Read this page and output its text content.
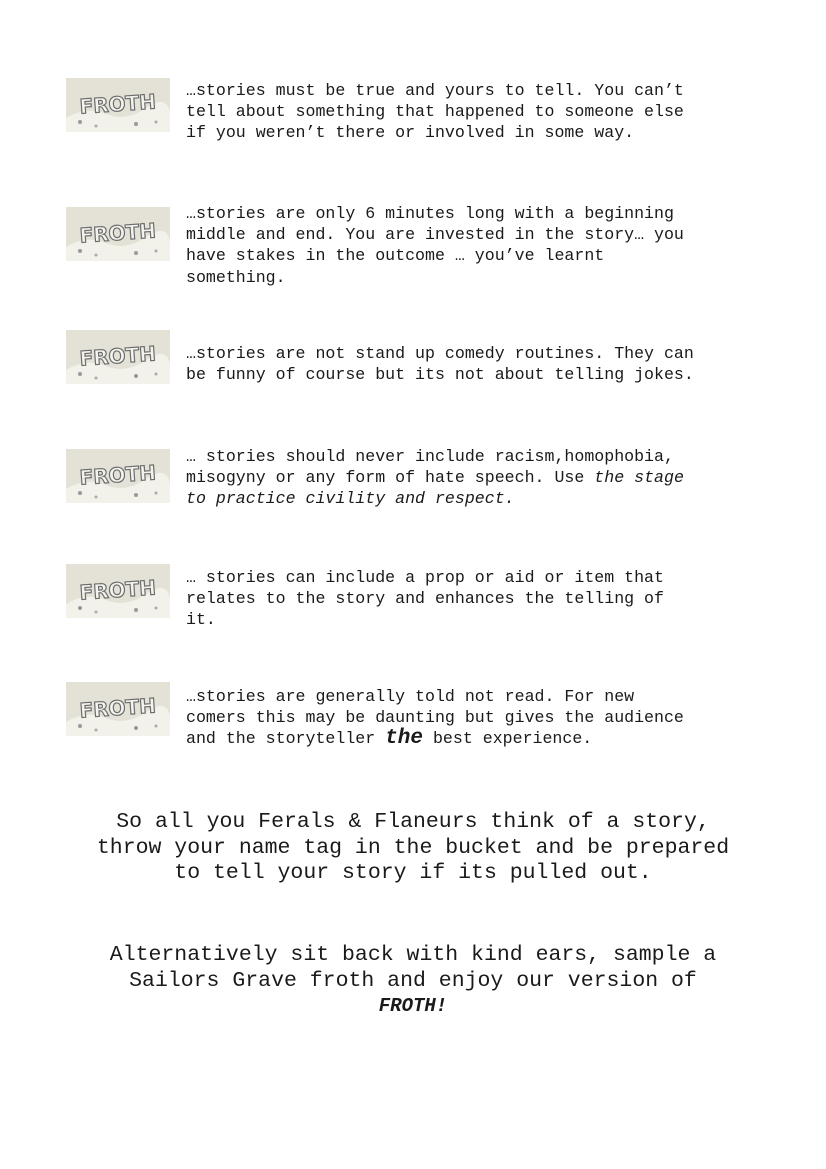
FROTH …stories must be true and yours to tell. You can’t
tell about something that happened to someone else
if you weren’t there or involved in some way.
FROTH
…stories are only 6 minutes long with a beginning
middle and end. You are invested in the story… you
have stakes in the outcome … you’ve learnt
something.
FROTH …stories are not stand up comedy routines. They can
be funny of course but its not about telling jokes.
FROTH
… stories should never include racism,homophobia,
misogyny or any form of hate speech. Use the stage
to practice civility and respect.
FROTH … stories can include a prop or aid or item that
relates to the story and enhances the telling of
it.
FROTH …stories are generally told not read. For new
comers this may be daunting but gives the audience
and the storyteller the best experience.
So all you Ferals & Flaneurs think of a story,
throw your name tag in the bucket and be prepared
to tell your story if its pulled out.
Alternatively sit back with kind ears, sample a
Sailors Grave froth and enjoy our version of
FROTH!
